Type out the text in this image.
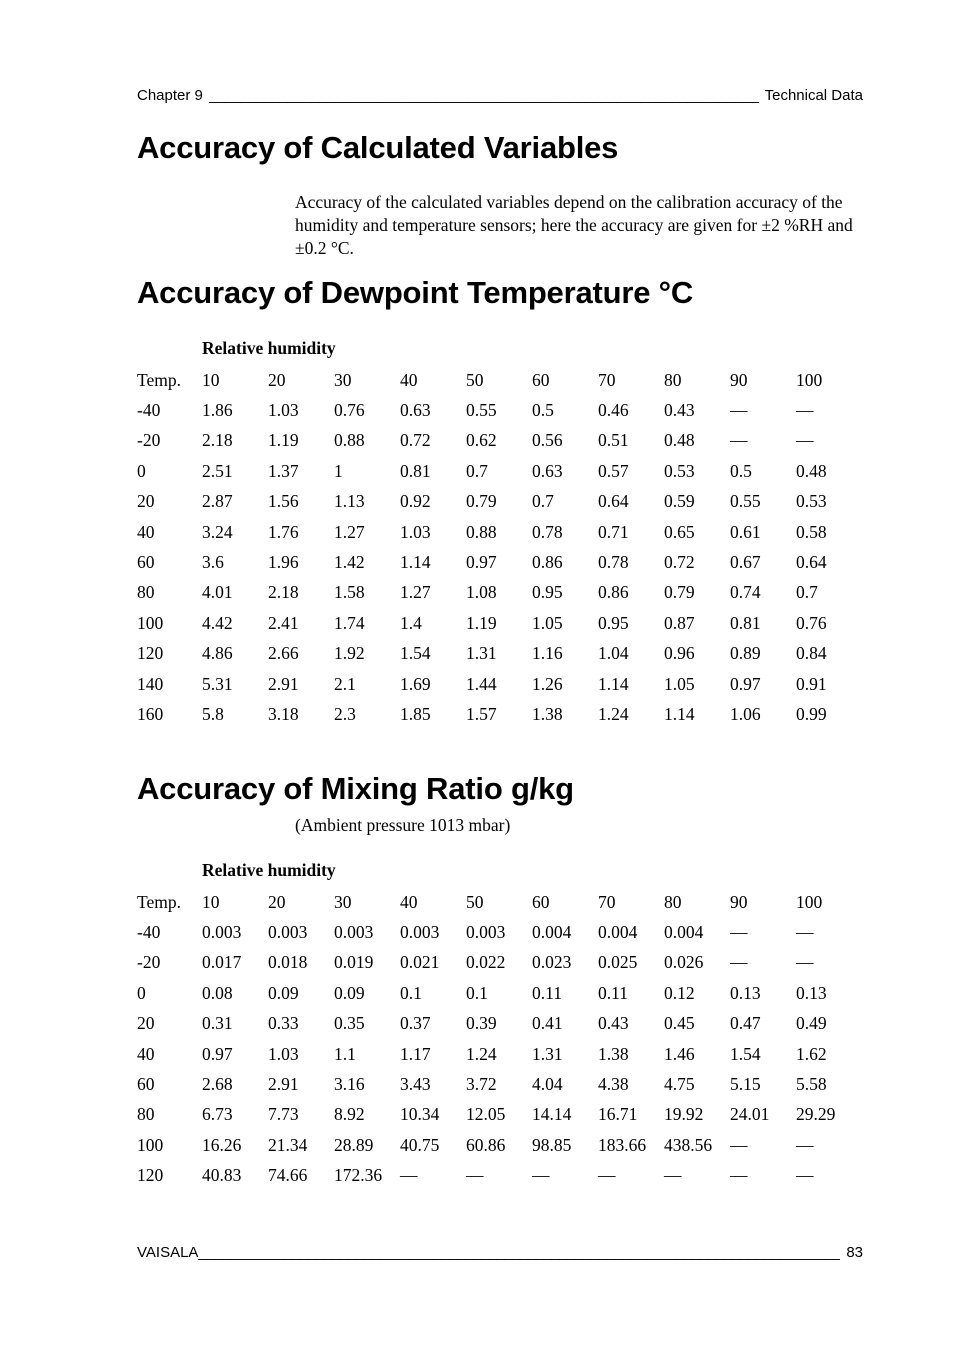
Chapter 9 _____	Technical Data
Accuracy of Calculated Variables

Accuracy of the calculated variables depend on the calibration accuracy of the humidity and temperature sensors; here the accuracy are given for ±2 %RH and ±0.2 °C.

Accuracy of Dewpoint Temperature °C

Relative humidity

Temp.	10	20	30	40	50	60	70	80	90	100
-40	1.86	1.03	0.76	0.63	0.55	0.5	0.46	0.43	—	—
-20	2.18	1.19	0.88	0.72	0.62	0.56	0.51	0.48	—	—
0	2.51	1.37	1	0.81	0.7	0.63	0.57	0.53	0.5	0.48
20	2.87	1.56	1.13	0.92	0.79	0.7	0.64	0.59	0.55	0.53
40	3.24	1.76	1.27	1.03	0.88	0.78	0.71	0.65	0.61	0.58
60	3.6	1.96	1.42	1.14	0.97	0.86	0.78	0.72	0.67	0.64
80	4.01	2.18	1.58	1.27	1.08	0.95	0.86	0.79	0.74	0.7
100	4.42	2.41	1.74	1.4	1.19	1.05	0.95	0.87	0.81	0.76
120	4.86	2.66	1.92	1.54	1.31	1.16	1.04	0.96	0.89	0.84
140	5.31	2.91	2.1	1.69	1.44	1.26	1.14	1.05	0.97	0.91
160	5.8	3.18	2.3	1.85	1.57	1.38	1.24	1.14	1.06	0.99
Accuracy of Mixing Ratio g/kg

(Ambient pressure 1013 mbar)

Relative humidity

Temp.	10	20	30	40	50	60	70	80	90	100
-40	0.003	0.003	0.003	0.003	0.003	0.004	0.004	0.004	—	—
-20	0.017	0.018	0.019	0.021	0.022	0.023	0.025	0.026	—	—
0	0.08	0.09	0.09	0.1	0.1	0.11	0.11	0.12	0.13	0.13
20	0.31	0.33	0.35	0.37	0.39	0.41	0.43	0.45	0.47	0.49
40	0.97	1.03	1.1	1.17	1.24	1.31	1.38	1.46	1.54	1.62
60	2.68	2.91	3.16	3.43	3.72	4.04	4.38	4.75	5.15	5.58
80	6.73	7.73	8.92	10.34	12.05	14.14	16.71	19.92	24.01	29.29
100	16.26	21.34	28.89	40.75	60.86	98.85	183.66	438.56	—	—
120	40.83	74.66	172.36	—	—	—	—	—	—	—
VAISALA _____	83
